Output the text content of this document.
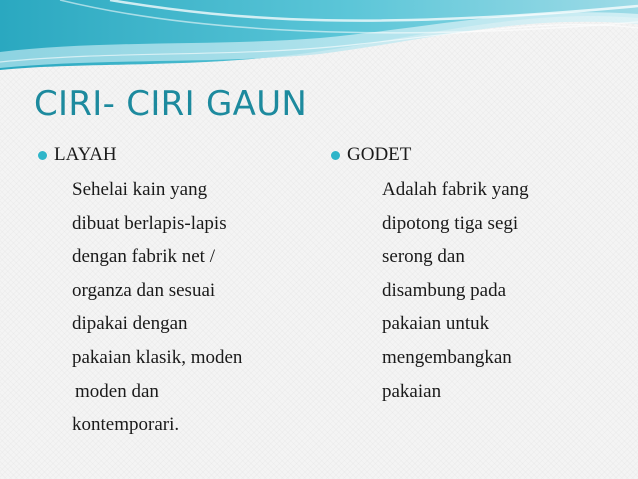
CIRI- CIRI GAUN
LAYAH
Sehelai kain yang
dibuat berlapis-lapis
dengan fabrik net /
organza dan sesuai
dipakai dengan
pakaian klasik, moden
moden dan
kontemporari.
GODET
Adalah fabrik yang
dipotong tiga segi
serong dan
disambung pada
pakaian untuk
mengembangkan
pakaian
